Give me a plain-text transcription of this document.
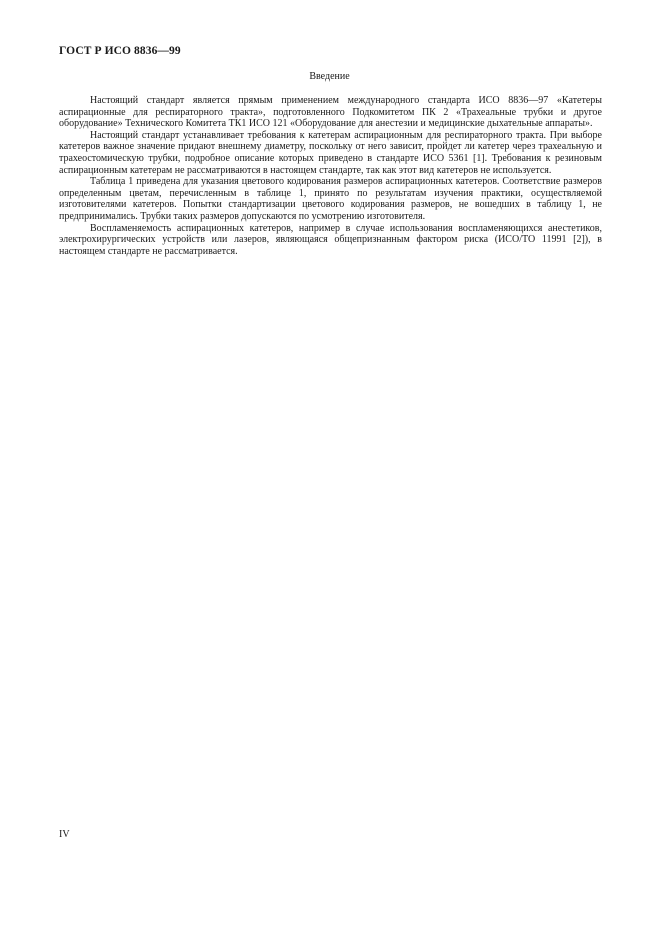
ГОСТ Р ИСО 8836—99
Введение

Настоящий стандарт является прямым применением международного стандарта ИСО 8836—97 «Катетеры аспирационные для респираторного тракта», подготовленного Подкомитетом ПК 2 «Трахеальные трубки и другое оборудование» Технического Комитета ТК1 ИСО 121 «Оборудование для анестезии и медицинские дыхательные аппараты».

Настоящий стандарт устанавливает требования к катетерам аспирационным для респираторного тракта. При выборе катетеров важное значение придают внешнему диаметру, поскольку от него зависит, пройдет ли катетер через трахеальную и трахеостомическую трубки, подробное описание которых приведено в стандарте ИСО 5361 [1]. Требования к резиновым аспирационным катетерам не рассматриваются в настоящем стандарте, так как этот вид катетеров не используется.

Таблица 1 приведена для указания цветового кодирования размеров аспирационных катетеров. Соответствие размеров определенным цветам, перечисленным в таблице 1, принято по результатам изучения практики, осуществляемой изготовителями катетеров. Попытки стандартизации цветового кодирования размеров, не вошедших в таблицу 1, не предпринимались. Трубки таких размеров допускаются по усмотрению изготовителя.

Воспламеняемость аспирационных катетеров, например в случае использования воспламеняющихся анестетиков, электрохирургических устройств или лазеров, являющаяся общепризнанным фактором риска (ИСО/ТО 11991 [2]), в настоящем стандарте не рассматривается.

IV
